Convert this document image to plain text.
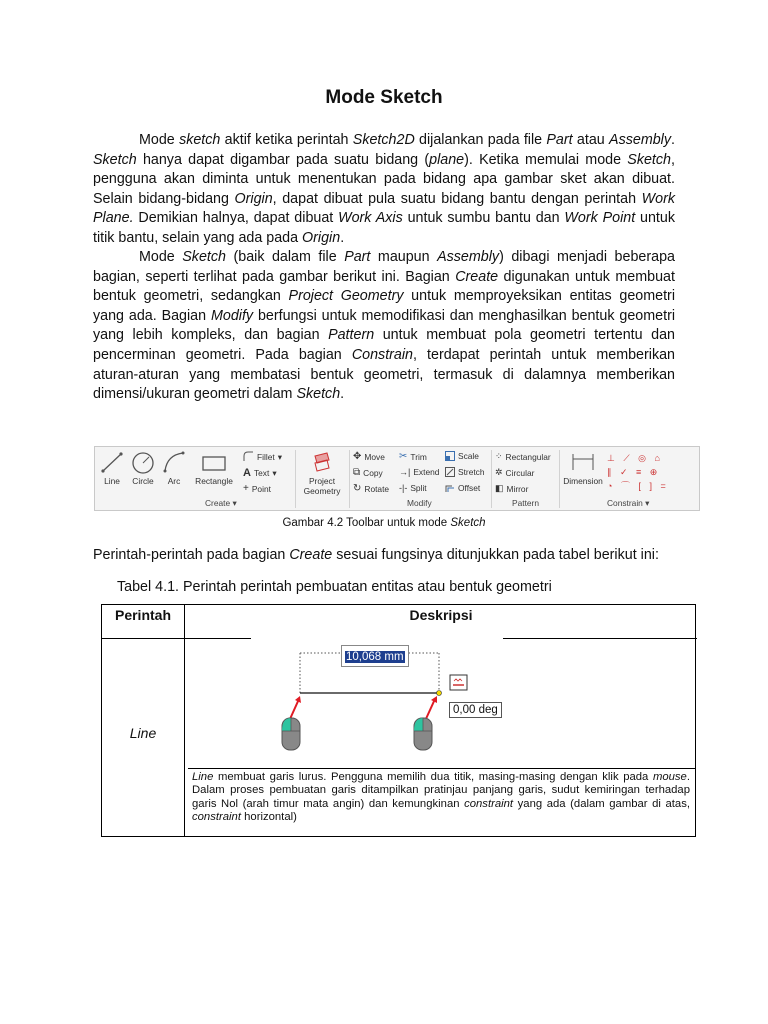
Mode Sketch

Mode sketch aktif ketika perintah Sketch2D dijalankan pada file Part atau Assembly. Sketch hanya dapat digambar pada suatu bidang (plane). Ketika memulai mode Sketch, pengguna akan diminta untuk menentukan pada bidang apa gambar sket akan dibuat. Selain bidang-bidang Origin, dapat dibuat pula suatu bidang bantu dengan perintah Work Plane. Demikian halnya, dapat dibuat Work Axis untuk sumbu bantu dan Work Point untuk titik bantu, selain yang ada pada Origin.

Mode Sketch (baik dalam file Part maupun Assembly) dibagi menjadi beberapa bagian, seperti terlihat pada gambar berikut ini. Bagian Create digunakan untuk membuat bentuk geometri, sedangkan Project Geometry untuk memproyeksikan entitas geometri yang ada. Bagian Modify berfungsi untuk memodifikasi dan menghasilkan bentuk geometri yang lebih kompleks, dan bagian Pattern untuk membuat pola geometri tertentu dan pencerminan geometri. Pada bagian Constrain, terdapat perintah untuk memberikan aturan-aturan yang membatasi bentuk geometri, termasuk di dalamnya memberikan dimensi/ukuran geometri dalam Sketch.

Line	Circle	Arc	Rectangle
Fillet ▾
A Text ▾
+ Point
Create ▾
Project
Geometry
✥ Move
⧉ Copy
↻ Rotate
✂ Trim
→| Extend
-|- Split
Scale
Stretch
Offset
Modify
⁘ Rectangular
✲ Circular
◧ Mirror
Pattern
Dimension
⊥ ⟋ ◎ ⌂
∥ ✓ ≡ ⊕
◔ ⌒ [ ] =
Constrain ▾
Gambar 4.2 Toolbar untuk mode Sketch
Perintah-perintah pada bagian Create sesuai fungsinya ditunjukkan pada tabel berikut ini:
Tabel 4.1. Perintah perintah pembuatan entitas atau bentuk geometri
Perintah	Deskripsi
Line
10,068 mm
0,00 deg

Line membuat garis lurus. Pengguna memilih dua titik, masing-masing dengan klik pada mouse. Dalam proses pembuatan garis ditampilkan pratinjau panjang garis, sudut kemiringan terhadap garis Nol (arah timur mata angin) dan kemungkinan constraint yang ada (dalam gambar di atas, constraint horizontal)
